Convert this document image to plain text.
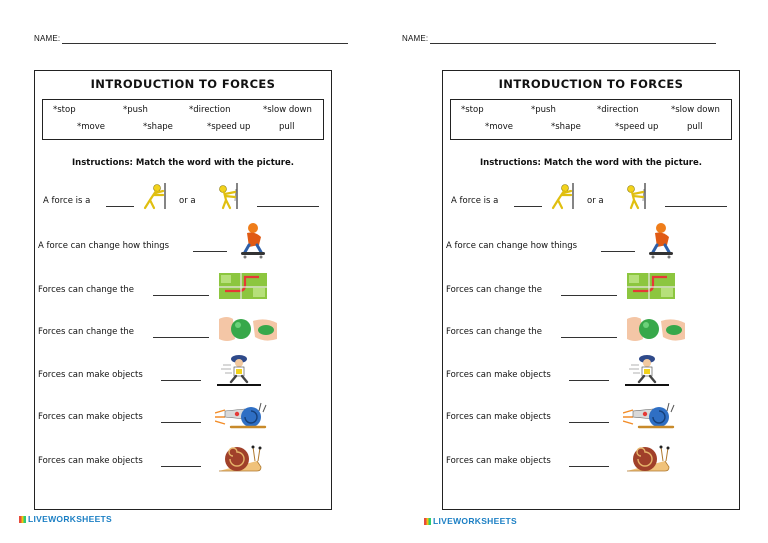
NAME:
INTRODUCTION TO FORCES
*stop	*push	*direction	*slow down
*move	*shape	*speed up	pull
Instructions: Match the word with the picture.
A force is a	or a
A force can change how things
Forces can change the
Forces can change the
Forces can make objects
Forces can make objects
Forces can make objects
LIVEWORKSHEETS
NAME:
INTRODUCTION TO FORCES
*stop	*push	*direction	*slow down
*move	*shape	*speed up	pull
Instructions: Match the word with the picture.
A force is a	or a
A force can change how things
Forces can change the
Forces can change the
Forces can make objects
Forces can make objects
Forces can make objects
LIVEWORKSHEETS
